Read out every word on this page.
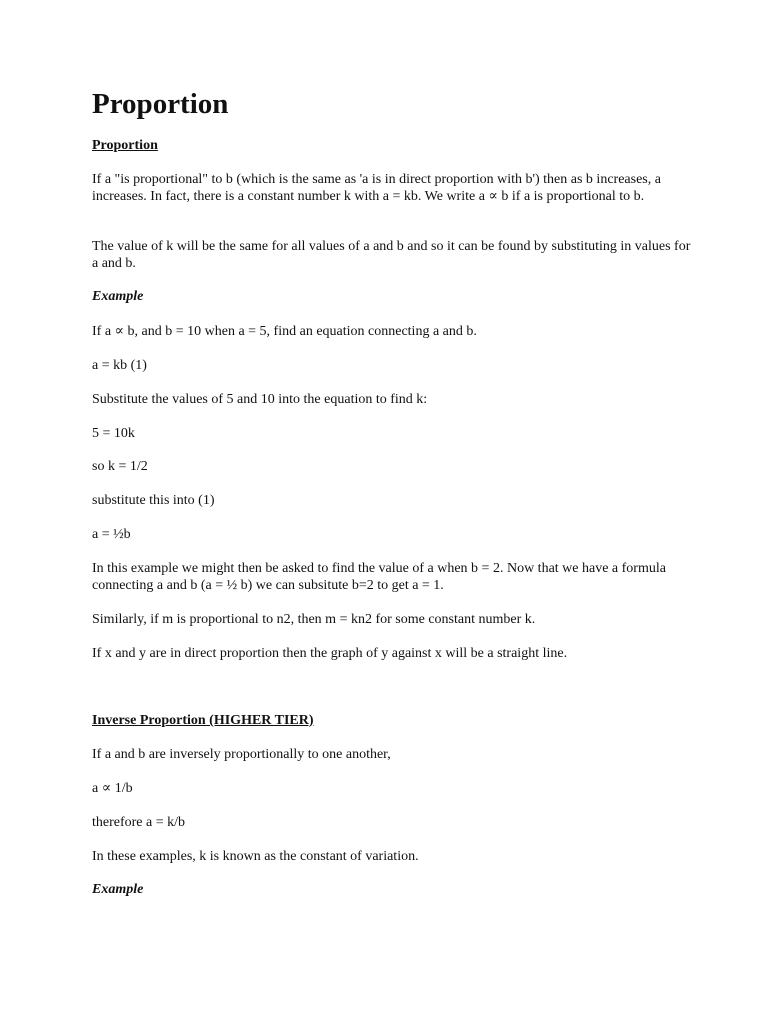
Proportion

Proportion

If a "is proportional" to b (which is the same as 'a is in direct proportion with b') then as b increases, a increases. In fact, there is a constant number k with a = kb. We write a ∝ b if a is proportional to b.

The value of k will be the same for all values of a and b and so it can be found by substituting in values for a and b.

Example

If a ∝ b, and b = 10 when a = 5, find an equation connecting a and b.

a = kb (1)

Substitute the values of 5 and 10 into the equation to find k:

5 = 10k

so k = 1/2

substitute this into (1)

a = ½b

In this example we might then be asked to find the value of a when b = 2. Now that we have a formula connecting a and b (a = ½ b) we can subsitute b=2 to get a = 1.

Similarly, if m is proportional to n2, then m = kn2 for some constant number k.

If x and y are in direct proportion then the graph of y against x will be a straight line.

Inverse Proportion (HIGHER TIER)

If a and b are inversely proportionally to one another,

a ∝ 1/b

therefore a = k/b

In these examples, k is known as the constant of variation.

Example
